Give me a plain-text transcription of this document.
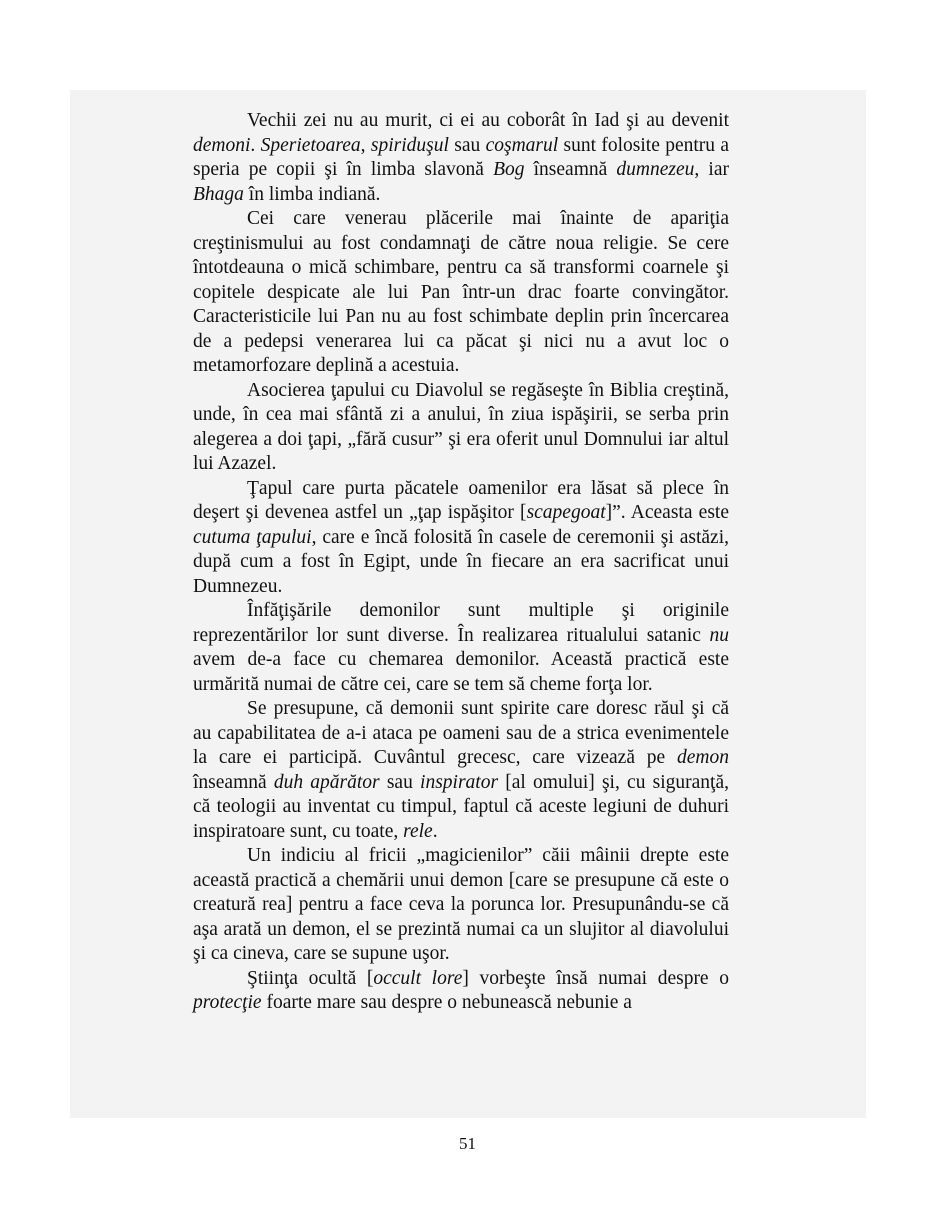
Vechii zei nu au murit, ci ei au coborât în Iad şi au devenit demoni. Sperietoarea, spiriduşul sau coşmarul sunt folosite pentru a speria pe copii şi în limba slavonă Bog înseamnă dumnezeu, iar Bhaga în limba indiană.

Cei care venerau plăcerile mai înainte de apariţia creştinismului au fost condamnaţi de către noua religie. Se cere întotdeauna o mică schimbare, pentru ca să transformi coarnele şi copitele despicate ale lui Pan într-un drac foarte convingător. Caracteristicile lui Pan nu au fost schimbate deplin prin încercarea de a pedepsi venerarea lui ca păcat şi nici nu a avut loc o metamorfozare deplină a acestuia.

Asocierea ţapului cu Diavolul se regăseşte în Biblia creştină, unde, în cea mai sfântă zi a anului, în ziua ispăşirii, se serba prin alegerea a doi ţapi, „fără cusur” şi era oferit unul Domnului iar altul lui Azazel.

Ţapul care purta păcatele oamenilor era lăsat să plece în deşert şi devenea astfel un „ţap ispăşitor [scapegoat]”. Aceasta este cutuma ţapului, care e încă folosită în casele de ceremonii şi astăzi, după cum a fost în Egipt, unde în fiecare an era sacrificat unui Dumnezeu.

Înfăţişările demonilor sunt multiple şi originile reprezentărilor lor sunt diverse. În realizarea ritualului satanic nu avem de-a face cu chemarea demonilor. Această practică este urmărită numai de către cei, care se tem să cheme forţa lor.

Se presupune, că demonii sunt spirite care doresc răul şi că au capabilitatea de a-i ataca pe oameni sau de a strica evenimentele la care ei participă. Cuvântul grecesc, care vizează pe demon înseamnă duh apărător sau inspirator [al omului] şi, cu siguranţă, că teologii au inventat cu timpul, faptul că aceste legiuni de duhuri inspiratoare sunt, cu toate, rele.

Un indiciu al fricii „magicienilor” căii mâinii drepte este această practică a chemării unui demon [care se presupune că este o creatură rea] pentru a face ceva la porunca lor. Presupunându-se că aşa arată un demon, el se prezintă numai ca un slujitor al diavolului şi ca cineva, care se supune uşor.

Ştiinţa ocultă [occult lore] vorbeşte însă numai despre o protecţie foarte mare sau despre o nebunească nebunie a

51
